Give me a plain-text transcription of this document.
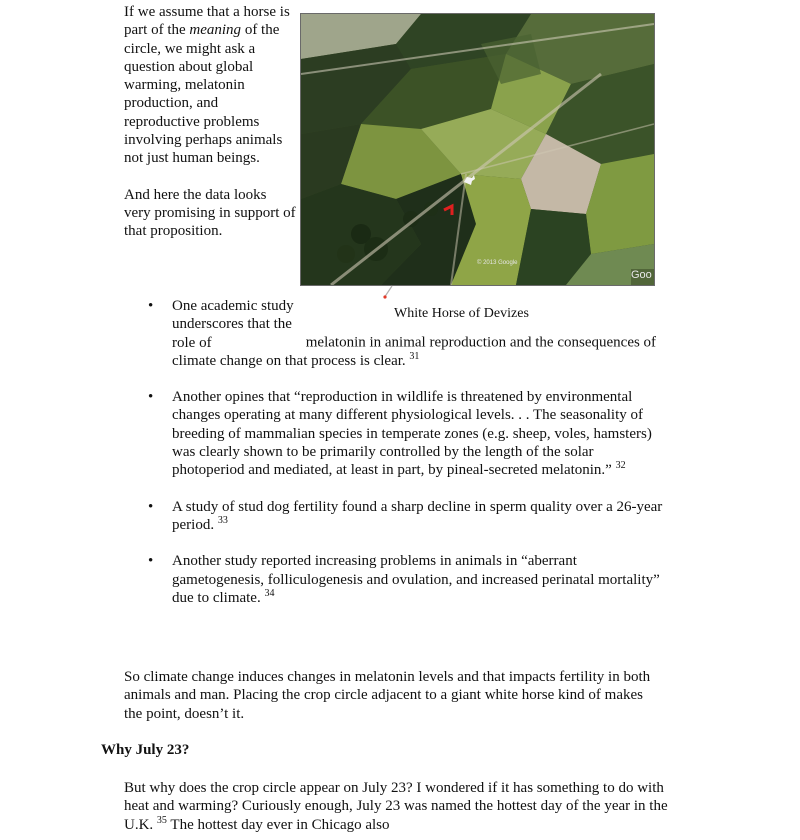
If we assume that a horse is part of the meaning of the circle, we might ask a question about global warming, melatonin production, and reproductive problems involving perhaps animals not just human beings.

And here the data looks very promising in support of that proposition.

© 2013 Google
Goo
White Horse of Devizes
• One academic study underscores that the role of	melatonin in animal reproduction and the consequences of climate change on that process is clear. $^{31}$
• Another opines that “reproduction in wildlife is threatened by environmental changes operating at many different physiological levels. . . The seasonality of breeding of mammalian species in temperate zones (e.g. sheep, voles, hamsters) was clearly shown to be primarily controlled by the length of the solar photoperiod and mediated, at least in part, by pineal-secreted melatonin.” $^{32}$
• A study of stud dog fertility found a sharp decline in sperm quality over a 26-year period. $^{33}$
• Another study reported increasing problems in animals in “aberrant gametogenesis, folliculogenesis and ovulation, and increased perinatal mortality” due to climate. $^{34}$
So climate change induces changes in melatonin levels and that impacts fertility in both animals and man. Placing the crop circle adjacent to a giant white horse kind of makes the point, doesn’t it.
Why July 23?
But why does the crop circle appear on July 23? I wondered if it has something to do with heat and warming? Curiously enough, July 23 was named the hottest day of the year in the U.K. $^{35}$ The hottest day ever in Chicago also
